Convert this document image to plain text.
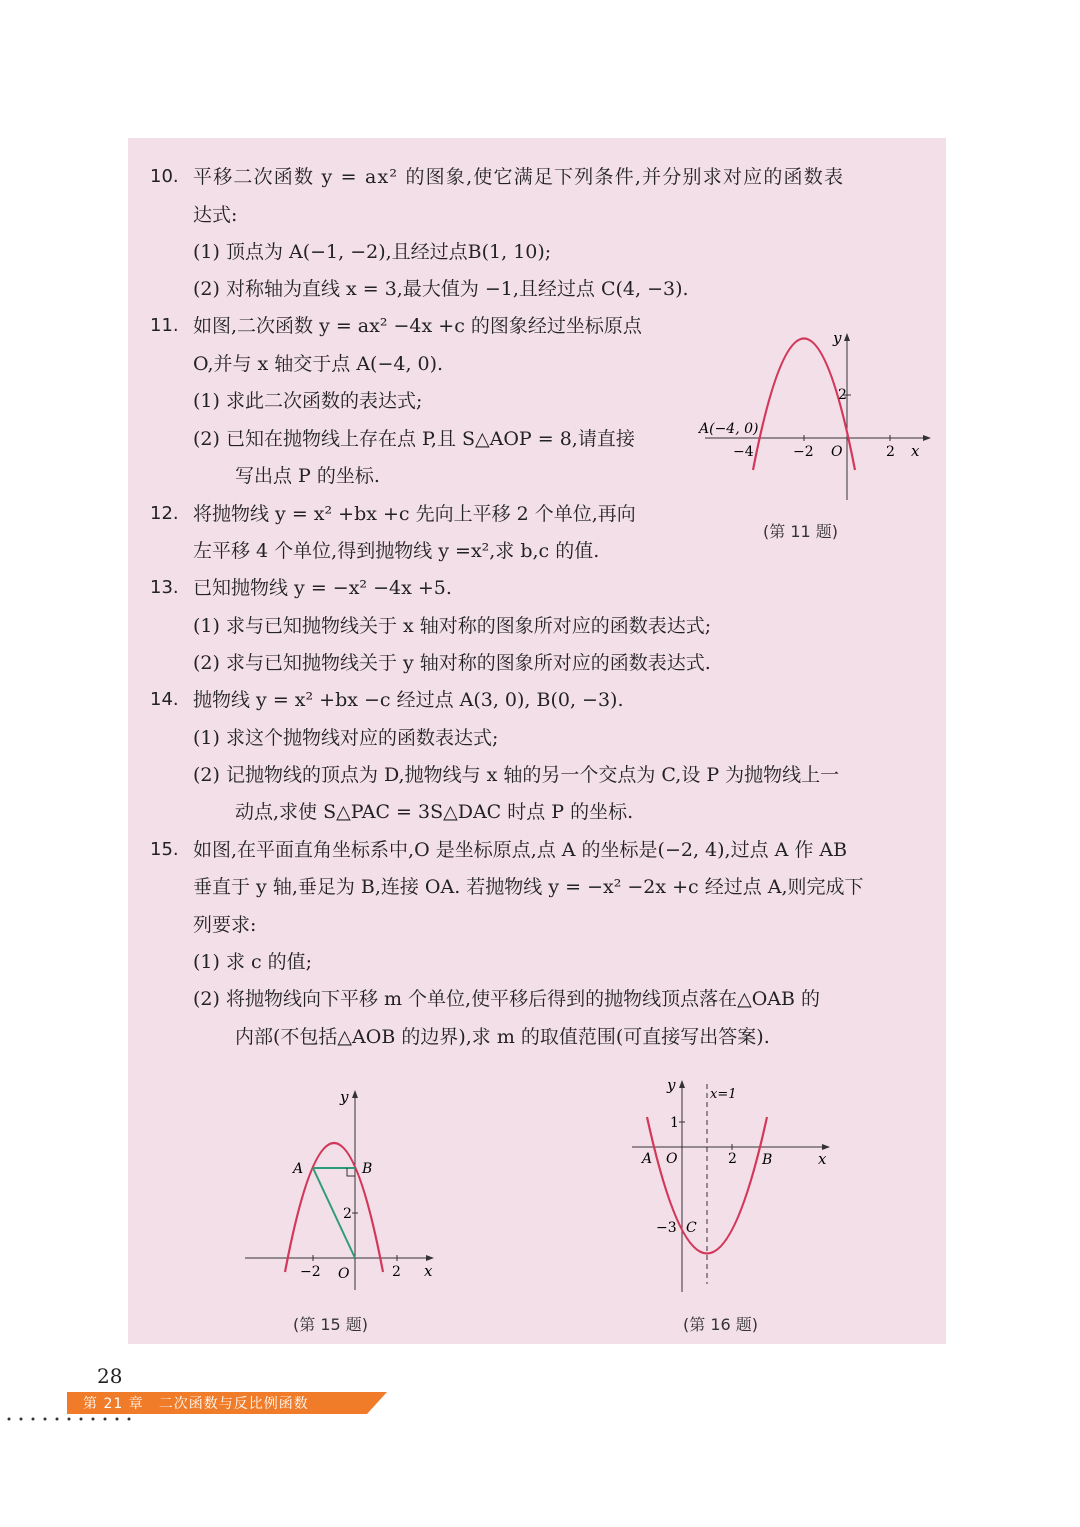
10. 平移二次函数 y = ax² 的图象,使它满足下列条件,并分别求对应的函数表
达式:
(1) 顶点为 A(−1, −2),且经过点B(1, 10);
(2) 对称轴为直线 x = 3,最大值为 −1,且经过点 C(4, −3).
11. 如图,二次函数 y = ax² −4x +c 的图象经过坐标原点
O,并与 x 轴交于点 A(−4, 0).
(1) 求此二次函数的表达式;
(2) 已知在抛物线上存在点 P,且 S△AOP = 8,请直接
写出点 P 的坐标.
12. 将抛物线 y = x² +bx +c 先向上平移 2 个单位,再向
左平移 4 个单位,得到抛物线 y =x²,求 b,c 的值.
13. 已知抛物线 y = −x² −4x +5.
(1) 求与已知抛物线关于 x 轴对称的图象所对应的函数表达式;
(2) 求与已知抛物线关于 y 轴对称的图象所对应的函数表达式.
14. 抛物线 y = x² +bx −c 经过点 A(3, 0), B(0, −3).
(1) 求这个抛物线对应的函数表达式;
(2) 记抛物线的顶点为 D,抛物线与 x 轴的另一个交点为 C,设 P 为抛物线上一
动点,求使 S△PAC = 3S△DAC 时点 P 的坐标.
15. 如图,在平面直角坐标系中,O 是坐标原点,点 A 的坐标是(−2, 4),过点 A 作 AB
垂直于 y 轴,垂足为 B,连接 OA. 若抛物线 y = −x² −2x +c 经过点 A,则完成下
列要求:
(1) 求 c 的值;
(2) 将抛物线向下平移 m 个单位,使平移后得到的抛物线顶点落在△OAB 的
内部(不包括△AOB 的边界),求 m 的取值范围(可直接写出答案).
y
x
A(−4, 0)
−4	−2 O	2
2
(第 11 题)
y
x
A	B
2
−2 O	2
(第 15 题)
y
x=1
1
A O	2 B	x
−3 C
(第 16 题)
28
第 21 章　二次函数与反比例函数
